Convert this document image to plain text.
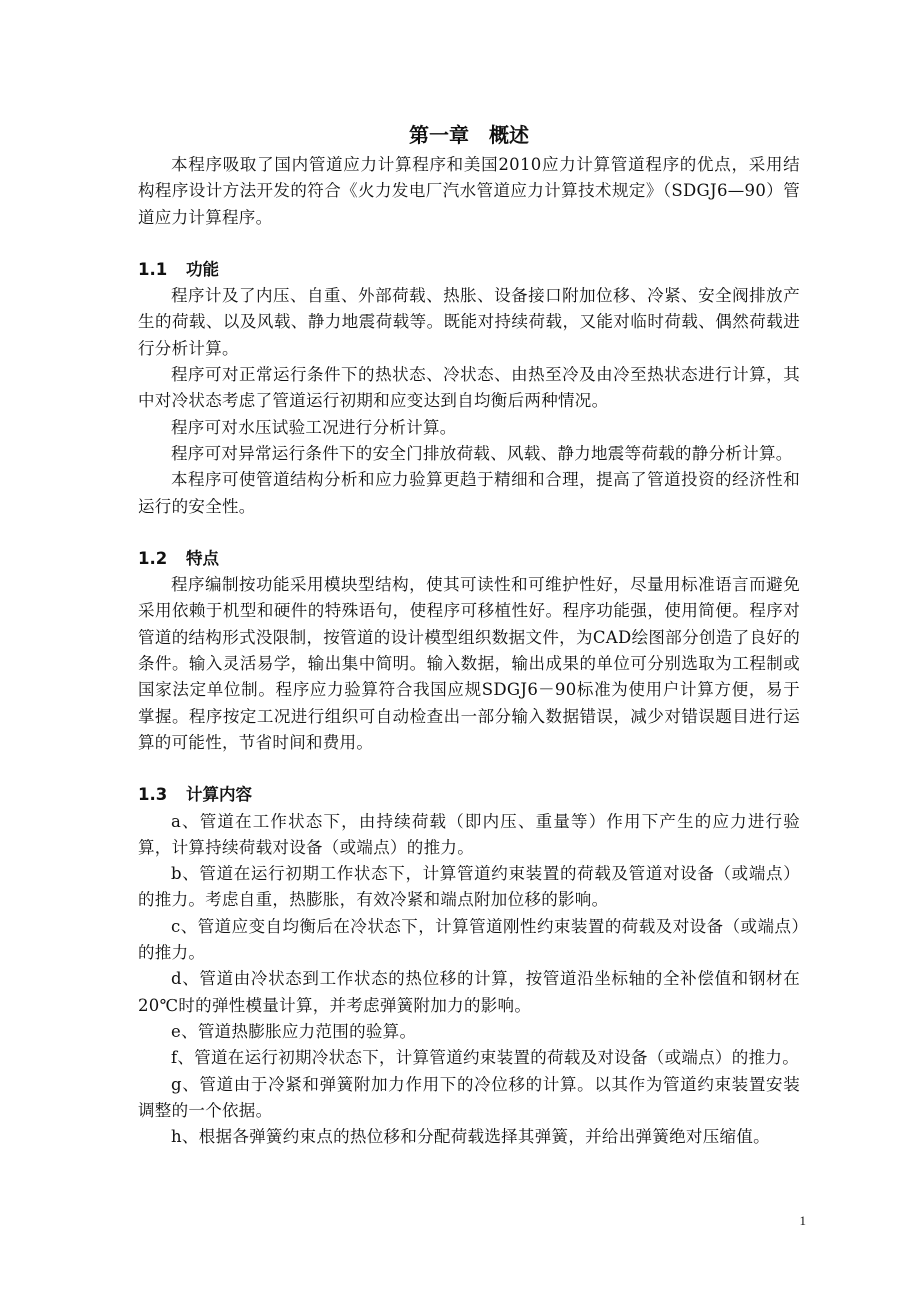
第一章　概述

本程序吸取了国内管道应力计算程序和美国2010应力计算管道程序的优点，采用结构程序设计方法开发的符合《火力发电厂汽水管道应力计算技术规定》（SDGJ6—90）管道应力计算程序。

1.1 功能

程序计及了内压、自重、外部荷载、热胀、设备接口附加位移、冷紧、安全阀排放产生的荷载、以及风载、静力地震荷载等。既能对持续荷载，又能对临时荷载、偶然荷载进行分析计算。

程序可对正常运行条件下的热状态、冷状态、由热至冷及由冷至热状态进行计算，其中对冷状态考虑了管道运行初期和应变达到自均衡后两种情况。

程序可对水压试验工况进行分析计算。

程序可对异常运行条件下的安全门排放荷载、风载、静力地震等荷载的静分析计算。

本程序可使管道结构分析和应力验算更趋于精细和合理，提高了管道投资的经济性和运行的安全性。

1.2 特点

程序编制按功能采用模块型结构，使其可读性和可维护性好，尽量用标准语言而避免采用依赖于机型和硬件的特殊语句，使程序可移植性好。程序功能强，使用简便。程序对管道的结构形式没限制，按管道的设计模型组织数据文件，为CAD绘图部分创造了良好的条件。输入灵活易学，输出集中简明。输入数据，输出成果的单位可分别选取为工程制或国家法定单位制。程序应力验算符合我国应规SDGJ6－90标准为使用户计算方便，易于掌握。程序按定工况进行组织可自动检查出一部分输入数据错误，减少对错误题目进行运算的可能性，节省时间和费用。

1.3 计算内容

a、管道在工作状态下，由持续荷载（即内压、重量等）作用下产生的应力进行验算，计算持续荷载对设备（或端点）的推力。

b、管道在运行初期工作状态下，计算管道约束装置的荷载及管道对设备（或端点）的推力。考虑自重，热膨胀，有效冷紧和端点附加位移的影响。

c、管道应变自均衡后在冷状态下，计算管道刚性约束装置的荷载及对设备（或端点）的推力。

d、管道由冷状态到工作状态的热位移的计算，按管道沿坐标轴的全补偿值和钢材在20℃时的弹性模量计算，并考虑弹簧附加力的影响。

e、管道热膨胀应力范围的验算。

f、管道在运行初期冷状态下，计算管道约束装置的荷载及对设备（或端点）的推力。

g、管道由于冷紧和弹簧附加力作用下的冷位移的计算。以其作为管道约束装置安装调整的一个依据。

h、根据各弹簧约束点的热位移和分配荷载选择其弹簧，并给出弹簧绝对压缩值。

1
